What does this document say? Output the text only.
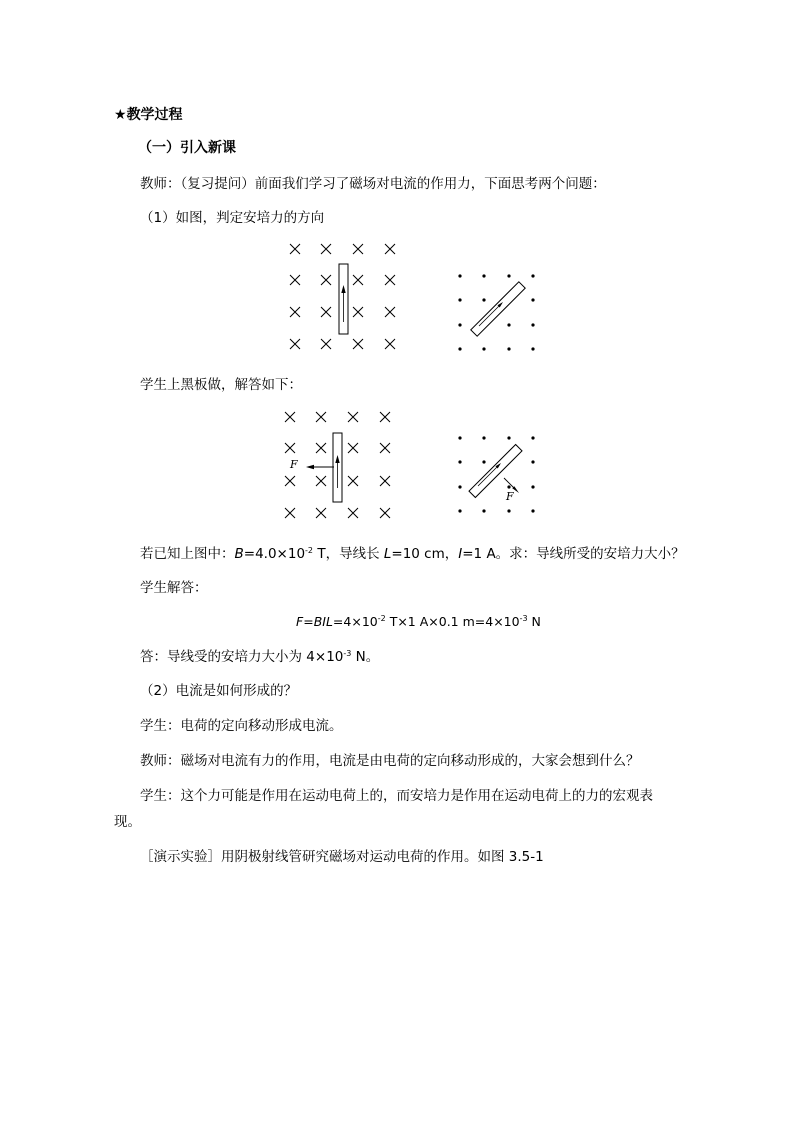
★教学过程
（一）引入新课
教师：（复习提问）前面我们学习了磁场对电流的作用力，下面思考两个问题：
（1）如图，判定安培力的方向
学生上黑板做，解答如下：
F
F
若已知上图中：$B=4.0\times 10^{-2}$ T，导线长 L=10 cm，I=1 A。求：导线所受的安培力大小？
学生解答：
$F=BIL=4\times 10^{-2}$ T×1 A×0.1 $m=4\times 10^{-3}$ N
答：导线受的安培力大小为 $4\times 10^{-3}$ N。
（2）电流是如何形成的？
学生：电荷的定向移动形成电流。
教师：磁场对电流有力的作用，电流是由电荷的定向移动形成的，大家会想到什么？
学生：这个力可能是作用在运动电荷上的，而安培力是作用在运动电荷上的力的宏观表
现。
［演示实验］用阴极射线管研究磁场对运动电荷的作用。如图 3.5-1
